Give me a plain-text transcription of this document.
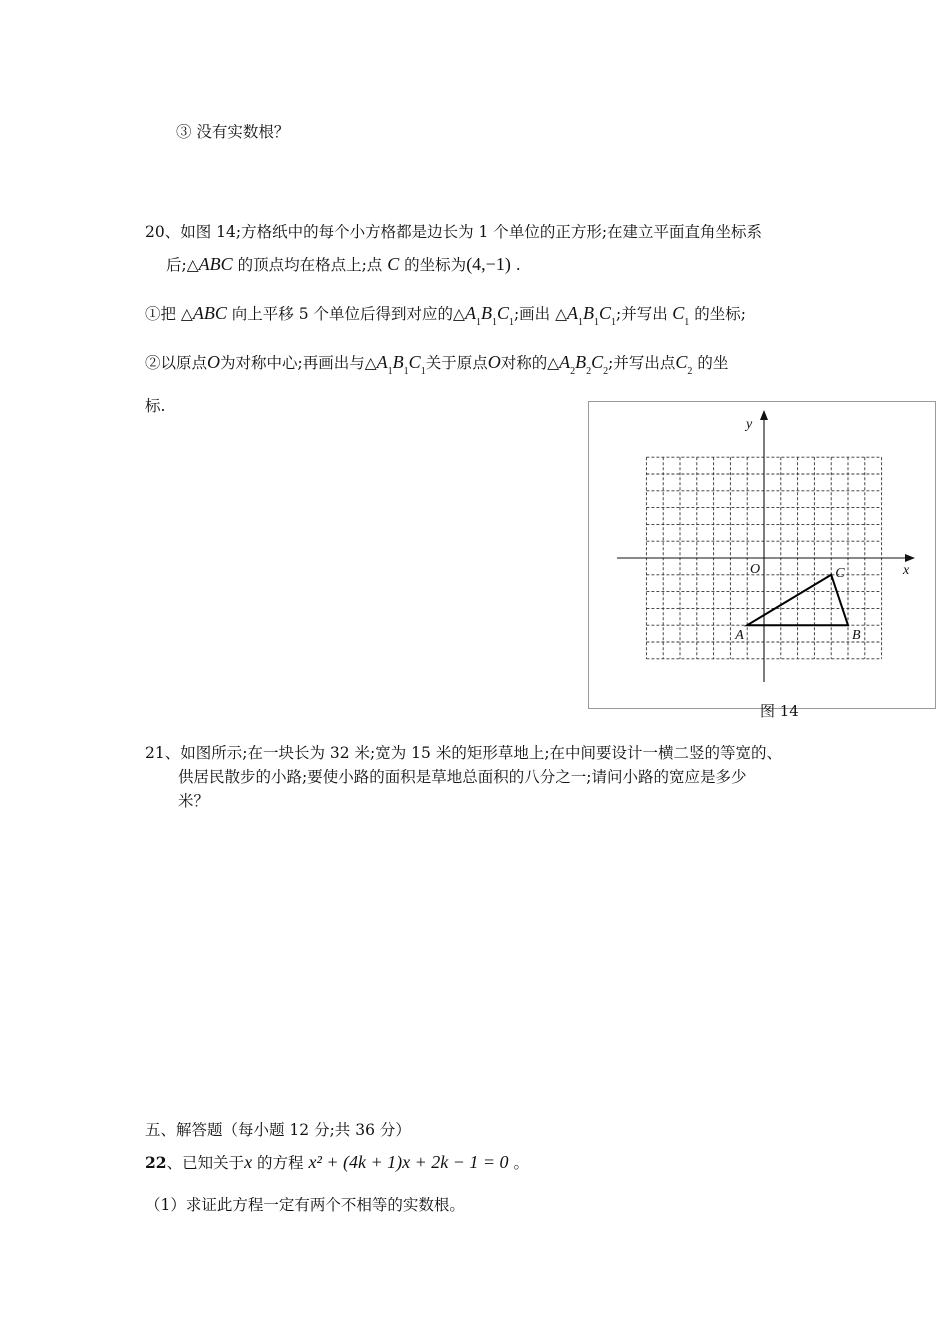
③ 没有实数根？
20、如图 14;方格纸中的每个小方格都是边长为 1 个单位的正方形;在建立平面直角坐标系
后;△ABC 的顶点均在格点上;点 C 的坐标为(4,−1) .
①把 △ABC 向上平移 5 个单位后得到对应的$\triangle A_1B_1C_1$;画出 $\triangle A_1B_1C_1$;并写出 $C_1$ 的坐标;
②以原点O为对称中心;再画出与$\triangle A_1B_1C_1$关于原点O对称的$\triangle A_2B_2C_2$;并写出点$C_2$ 的坐
标.
x
y
O
A	B
C
图 14
21、如图所示;在一块长为 32 米;宽为 15 米的矩形草地上;在中间要设计一横二竖的等宽的、
供居民散步的小路;要使小路的面积是草地总面积的八分之一;请问小路的宽应是多少
米？
五、解答题（每小题 12 分;共 36 分）
22、已知关于x 的方程 x² + (4k + 1)x + 2k − 1 = 0 。
（1）求证此方程一定有两个不相等的实数根。
